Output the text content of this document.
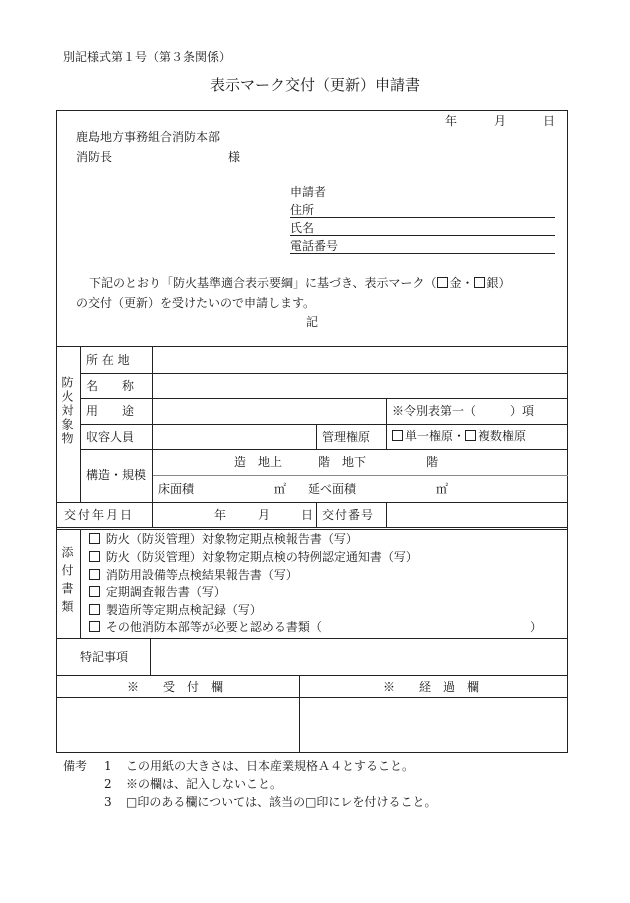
別記様式第１号（第３条関係）
表示マーク交付（更新）申請書
年	月	日
鹿島地方事務組合消防本部
消防長	様
申請者
住所
氏名
電話番号
下記のとおり「防火基準適合表示要綱」に基づき、表示マーク（ 金・ 銀）
の交付（更新）を受けたいので申請します。
記
防火対象物
所 在 地
名　　称
用　　途	※令別表第一（	）項
収容人員	管理権原	単一権原・ 複数権原
構造・規模
造　地上　　　階　地下　　　　　階
床面積	㎡ 延べ面積	㎡
交付年月日	年	月	日 交付番号
添付書類
防火（防災管理）対象物定期点検報告書（写）
防火（防災管理）対象物定期点検の特例認定通知書（写）
消防用設備等点検結果報告書（写）
定期調査報告書（写）
製造所等定期点検記録（写）
その他消防本部等が必要と認める書類（	）
特記事項
※　　受　付　欄	※　　経　過　欄
備考 1 この用紙の大きさは、日本産業規格Ａ４とすること。
2 ※の欄は、記入しないこと。
3 □印のある欄については、該当の□印にレを付けること。
